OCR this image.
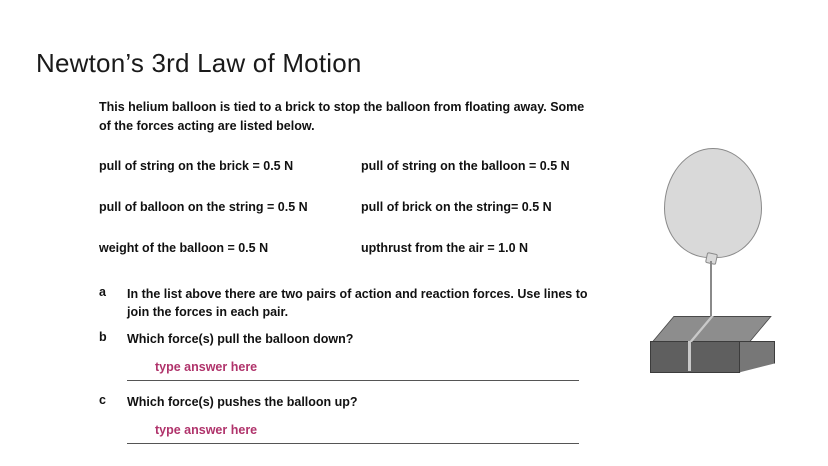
Newton’s 3rd Law of Motion
This helium balloon is tied to a brick to stop the balloon from floating away. Some of the forces acting are listed below.
pull of string on the brick = 0.5 N	pull of string on the balloon = 0.5 N
pull of balloon on the string = 0.5 N	pull of brick on the string= 0.5 N
weight of the balloon = 0.5 N	upthrust from the air = 1.0 N
a	In the list above there are two pairs of action and reaction forces. Use lines to join the forces in each pair.
b	Which force(s) pull the balloon down?
type answer here
c	Which force(s) pushes the balloon up?
type answer here
